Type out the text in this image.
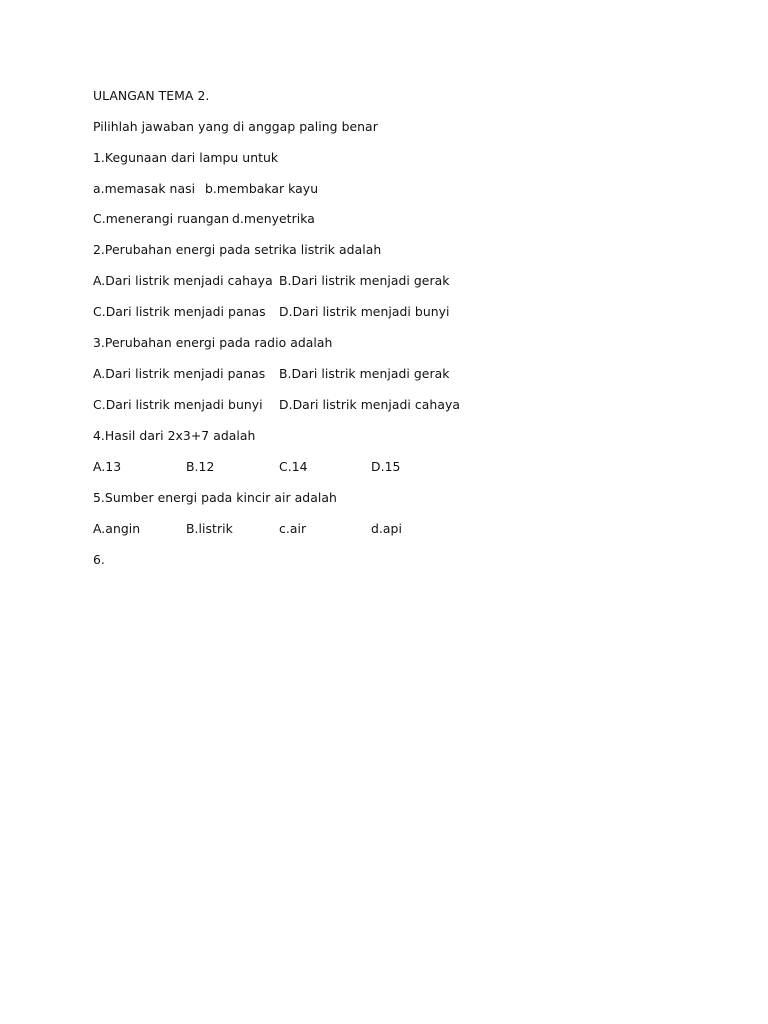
ULANGAN TEMA 2.
Pilihlah jawaban yang di anggap paling benar
1.Kegunaan dari lampu untuk
a.memasak nasi b.membakar kayu
C.menerangi ruangan d.menyetrika
2.Perubahan energi pada setrika listrik adalah
A.Dari listrik menjadi cahaya B.Dari listrik menjadi gerak
C.Dari listrik menjadi panas D.Dari listrik menjadi bunyi
3.Perubahan energi pada radio adalah
A.Dari listrik menjadi panas B.Dari listrik menjadi gerak
C.Dari listrik menjadi bunyi D.Dari listrik menjadi cahaya
4.Hasil dari 2x3+7 adalah
A.13	B.12	C.14	D.15
5.Sumber energi pada kincir air adalah
A.angin	B.listrik	c.air	d.api
6.
